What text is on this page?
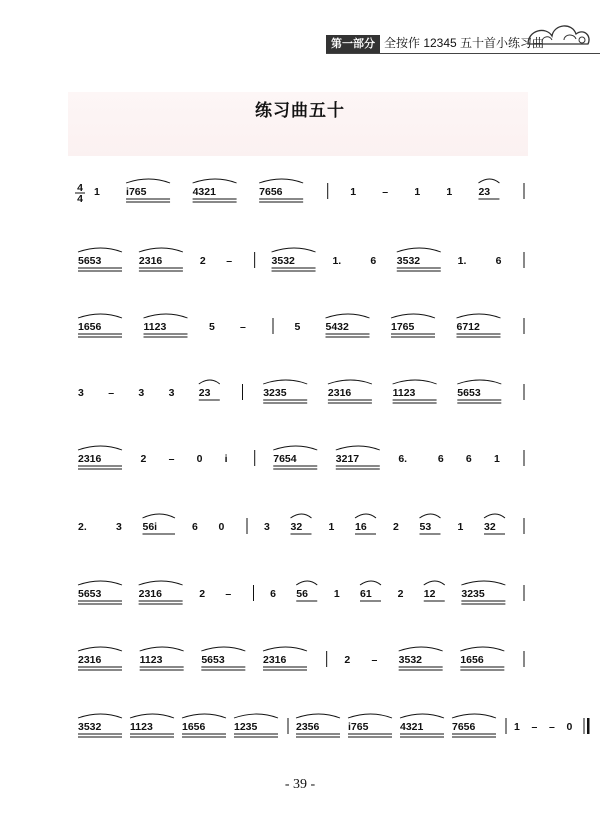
第一部分 全按作 12345 五十首小练习曲
练习曲五十
4
4
1 i765	4321	7656	1 – 1 1 23
5653	2316	2 –	3532	1.	6 3532	1.	6
1656	1123	5 –	5 5432	1765	6712
3 – 3 3 23	3235	2316	1123	5653
2316	2 – 0 i	7654	3217	6.	6 6 1
2.	3 56i	6 0	3 32	1 16	2 53	1 32
5653	2316	2 –	6 56 1 61 2 12 3235
2316	1123	5653	2316	2 – 3532	1656
3532	1123	1656	1235	2356	i765	4321	7656	1 – – 0
- 39 -
